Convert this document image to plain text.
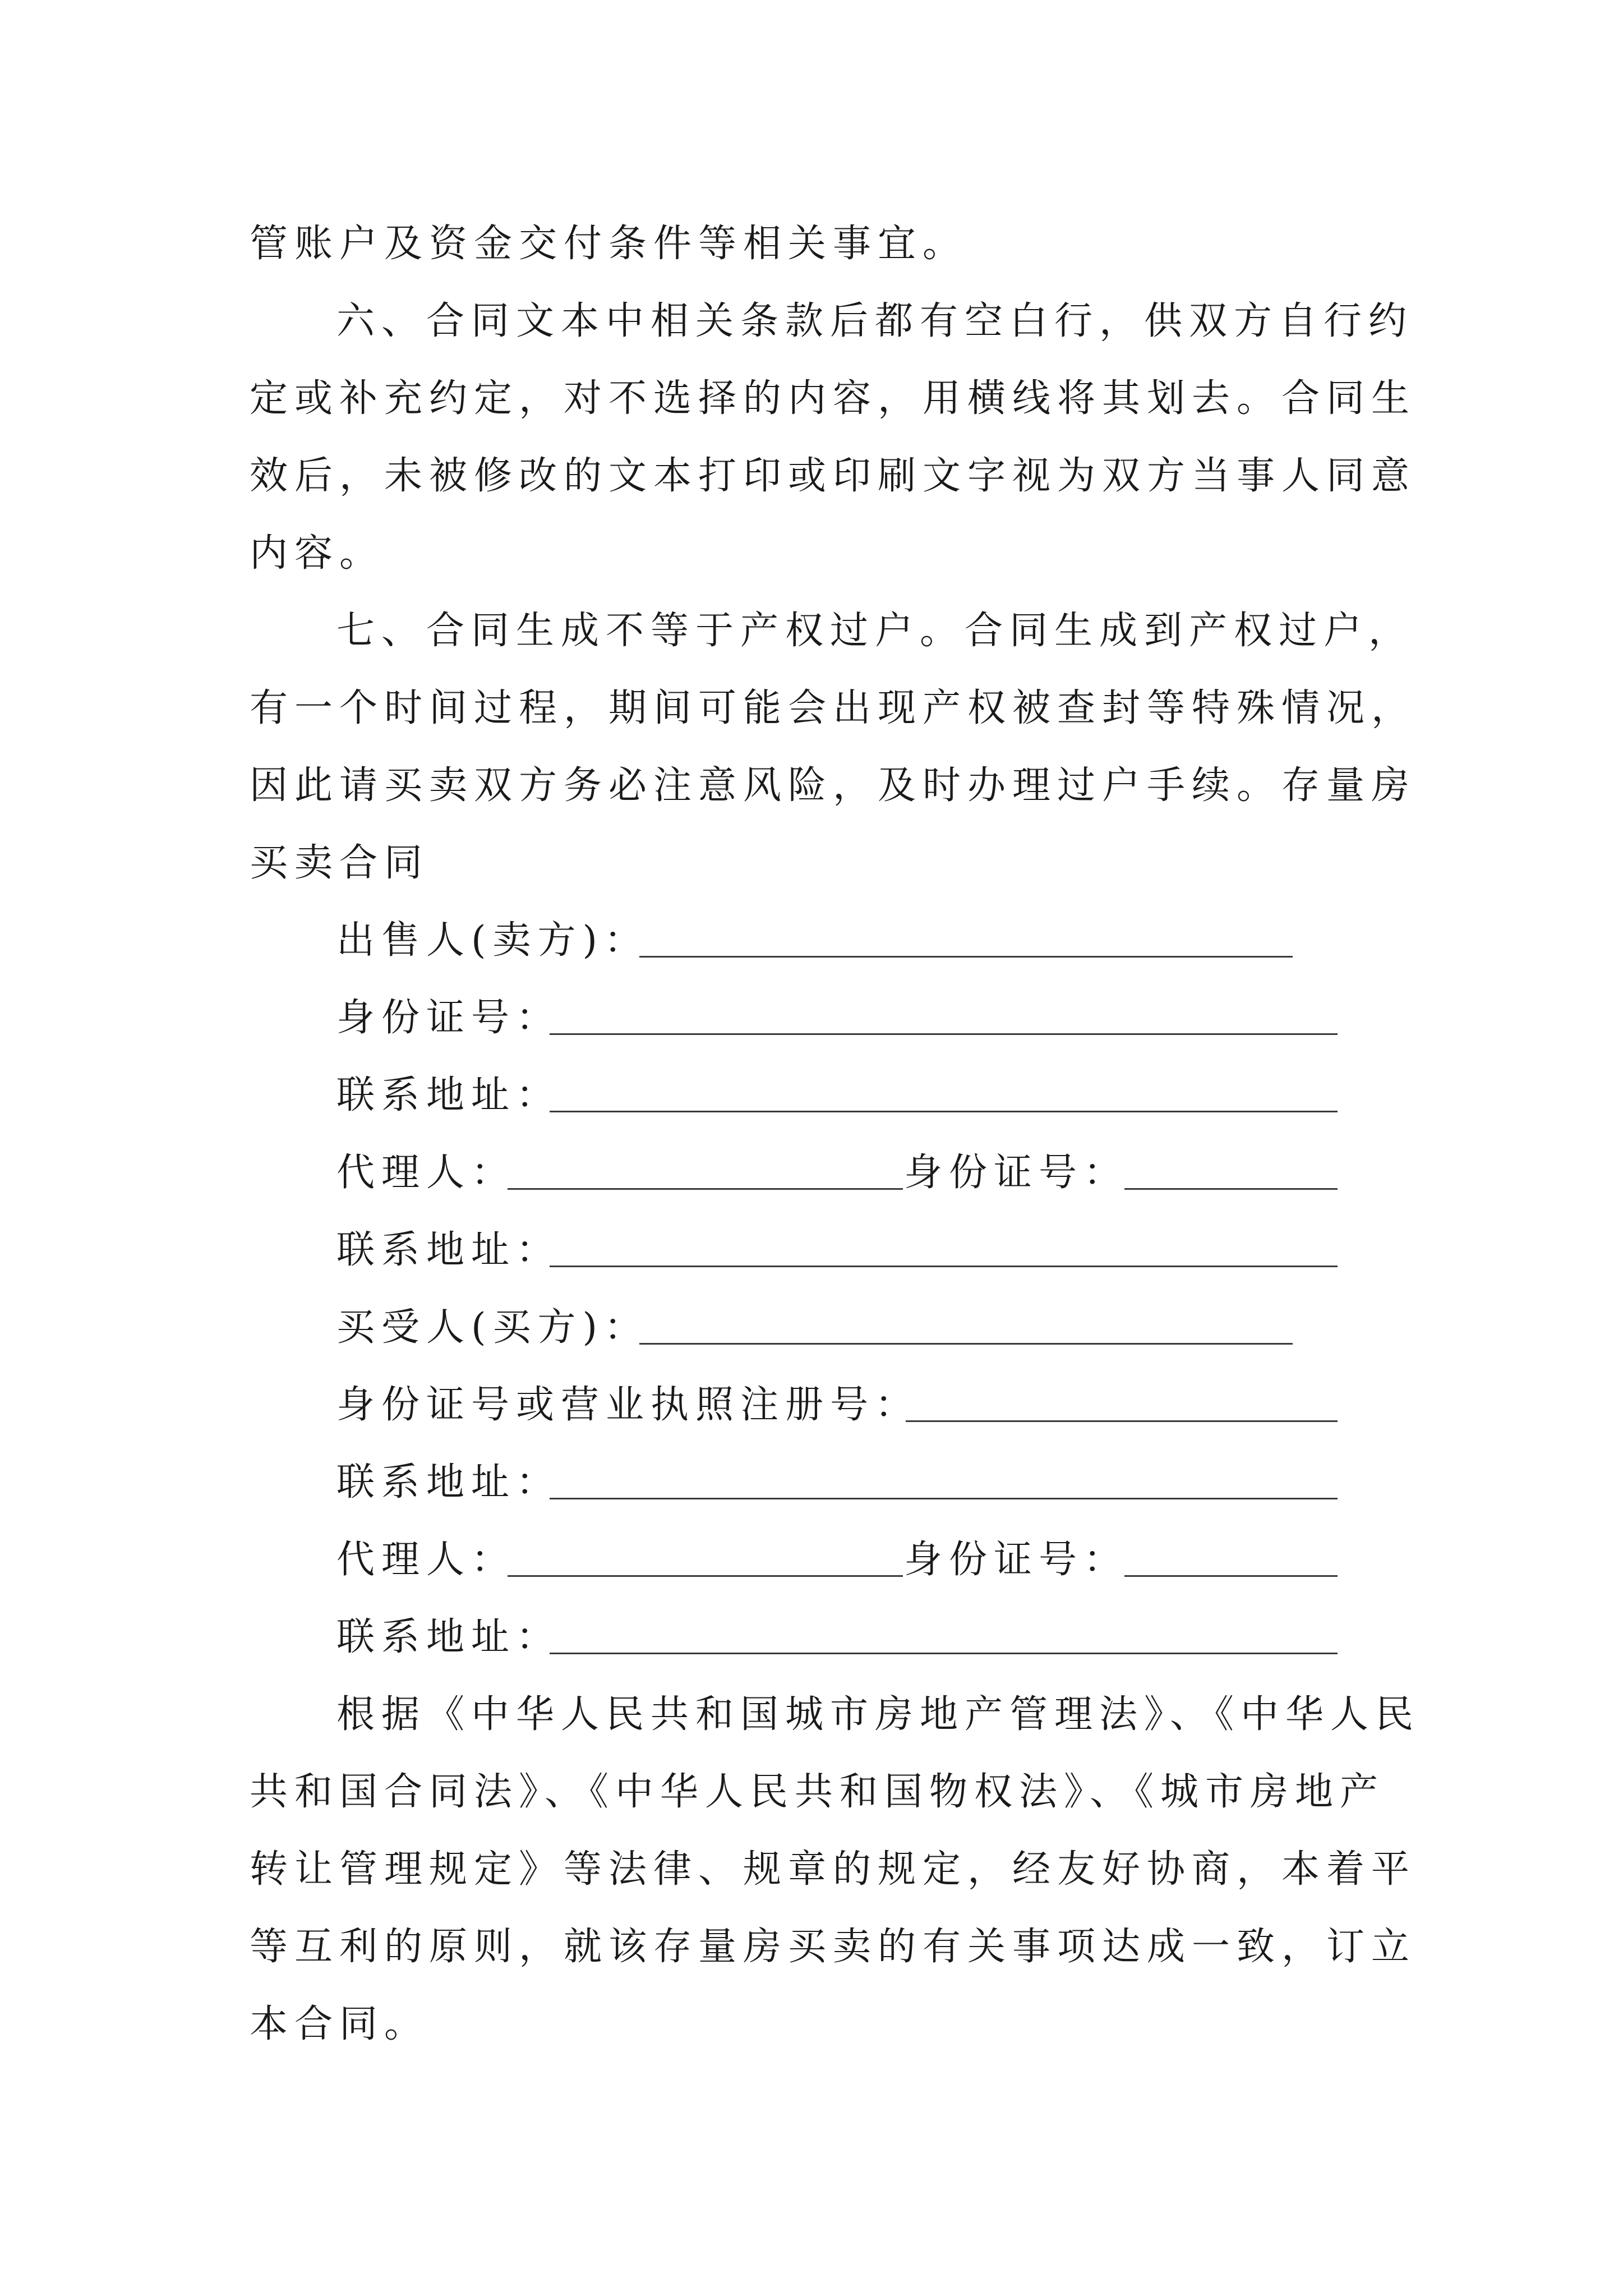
管账户及资金交付条件等相关事宜。
六、合同文本中相关条款后都有空白行，供双方自行约
定或补充约定，对不选择的内容，用横线将其划去。合同生
效后，未被修改的文本打印或印刷文字视为双方当事人同意
内容。
七、合同生成不等于产权过户。合同生成到产权过户，
有一个时间过程，期间可能会出现产权被查封等特殊情况，
因此请买卖双方务必注意风险，及时办理过户手续。存量房
买卖合同
出售人(卖方)：
身份证号：
联系地址：
代理人：	身份证号：
联系地址：
买受人(买方)：
身份证号或营业执照注册号：
联系地址：
代理人：	身份证号：
联系地址：
根据《中华人民共和国城市房地产管理法》、《中华人民
共和国合同法》、《中华人民共和国物权法》、《城市房地产
转让管理规定》等法律、规章的规定，经友好协商，本着平
等互利的原则，就该存量房买卖的有关事项达成一致，订立
本合同。
